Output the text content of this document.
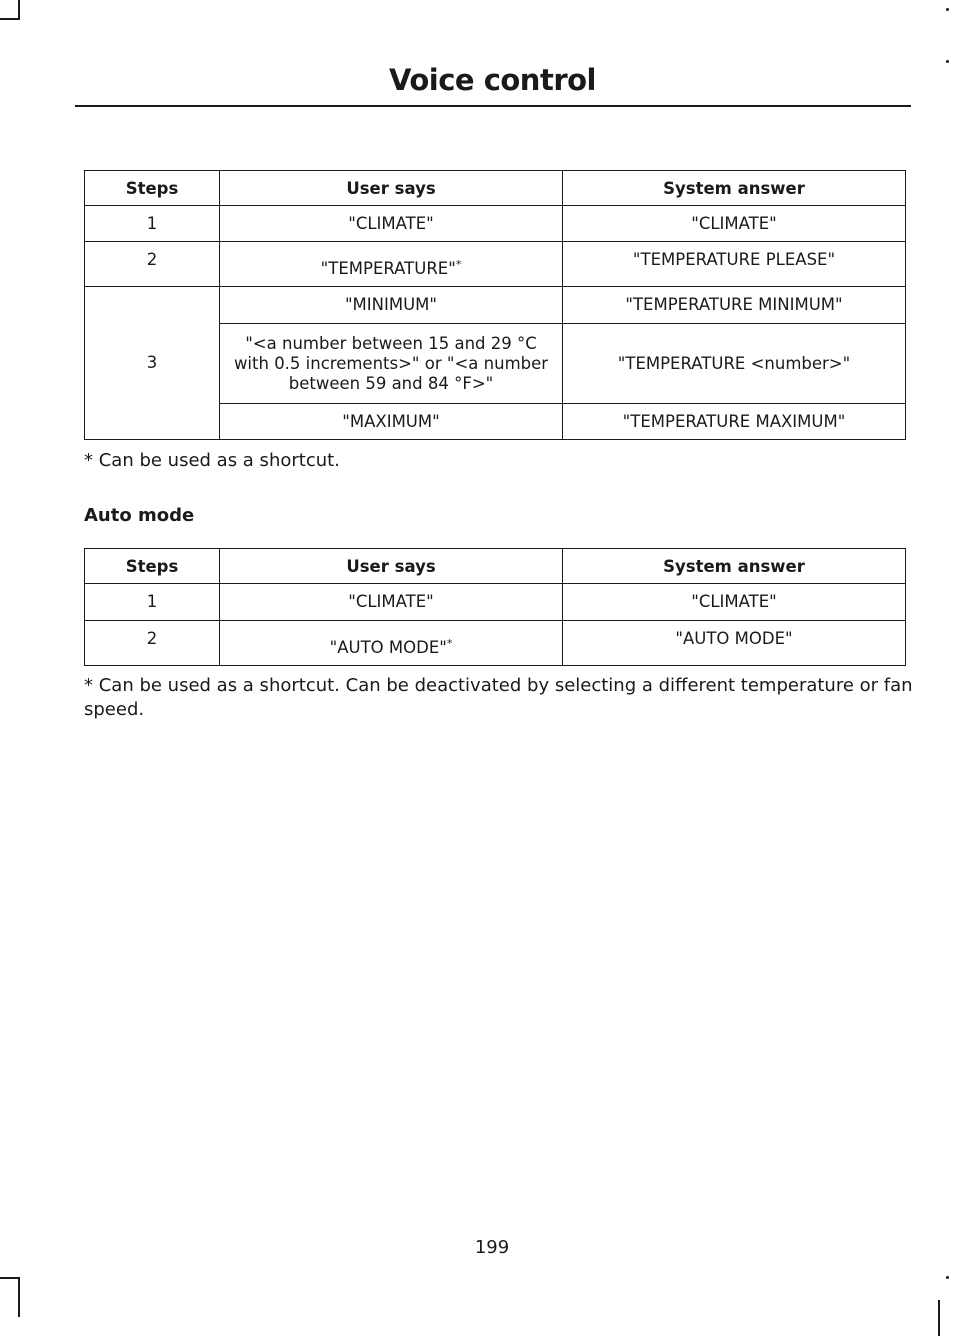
Voice control
Steps	User says	System answer
1	"CLIMATE"	"CLIMATE"
2	"TEMPERATURE"*	"TEMPERATURE PLEASE"
3	"MINIMUM"	"TEMPERATURE MINIMUM"
	"<a number between 15 and 29 °C with 0.5 increments>" or "<a number between 59 and 84 °F>"	"TEMPERATURE <number>"
	"MAXIMUM"	"TEMPERATURE MAXIMUM"
* Can be used as a shortcut.
Auto mode
Steps	User says	System answer
1	"CLIMATE"	"CLIMATE"
2	"AUTO MODE"*	"AUTO MODE"
* Can be used as a shortcut. Can be deactivated by selecting a different temperature or fan speed.
199
